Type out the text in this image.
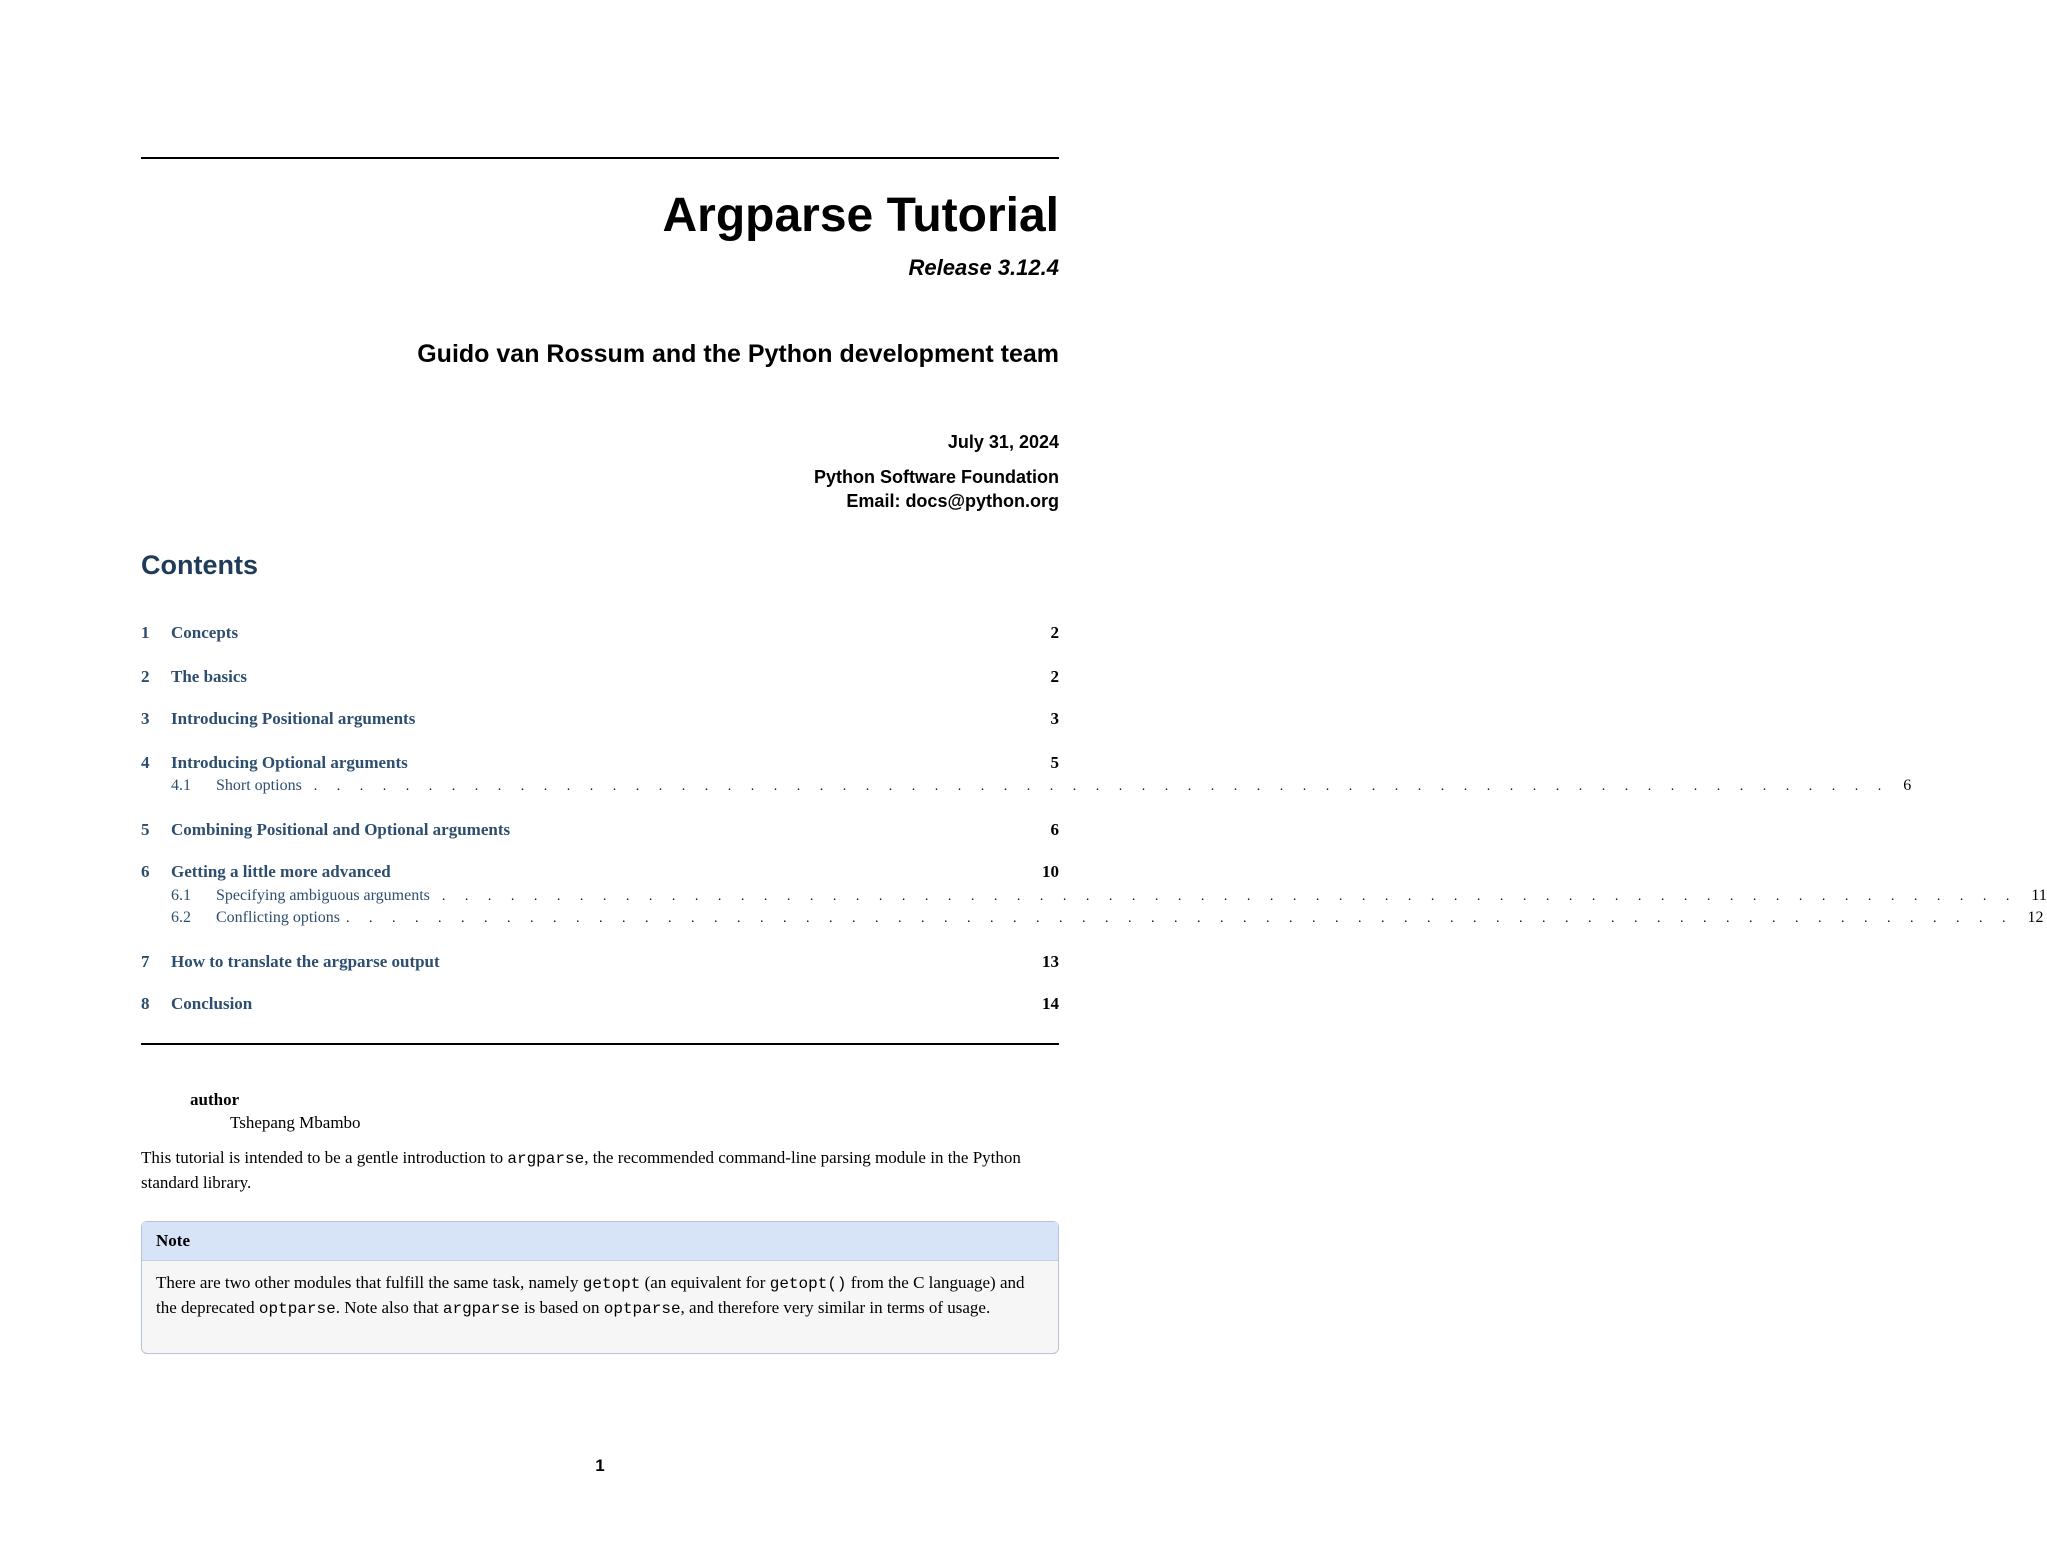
Argparse Tutorial
Release 3.12.4
Guido van Rossum and the Python development team
July 31, 2024
Python Software Foundation
Email: docs@python.org
Contents
1	Concepts	2
2	The basics	2
3	Introducing Positional arguments	3
4	Introducing Optional arguments	5
4.1	Short options . . . . . . . . . . . . . . . . . . . . . . . . . . . . . . . . . . . . . . . . . . . . . . . . . . . . . . . . . . . . . . . . . . . . . 6
5	Combining Positional and Optional arguments	6
6	Getting a little more advanced	10
6.1	Specifying ambiguous arguments . . . . . . . . . . . . . . . . . . . . . . . . . . . . . . . . . . . . . . . . . . . . . . . . . . . . . . . . . . . . . . . . . . . . . 11
6.2	Conflicting options . . . . . . . . . . . . . . . . . . . . . . . . . . . . . . . . . . . . . . . . . . . . . . . . . . . . . . . . . . . . . . . . . . . . . . . . . 12
7	How to translate the argparse output	13
8	Conclusion	14
author
Tshepang Mbambo
This tutorial is intended to be a gentle introduction to argparse, the recommended command-line parsing module in the Python standard library.
Note
There are two other modules that fulfill the same task, namely getopt (an equivalent for getopt() from the C language) and the deprecated optparse. Note also that argparse is based on optparse, and therefore very similar in terms of usage.
1
